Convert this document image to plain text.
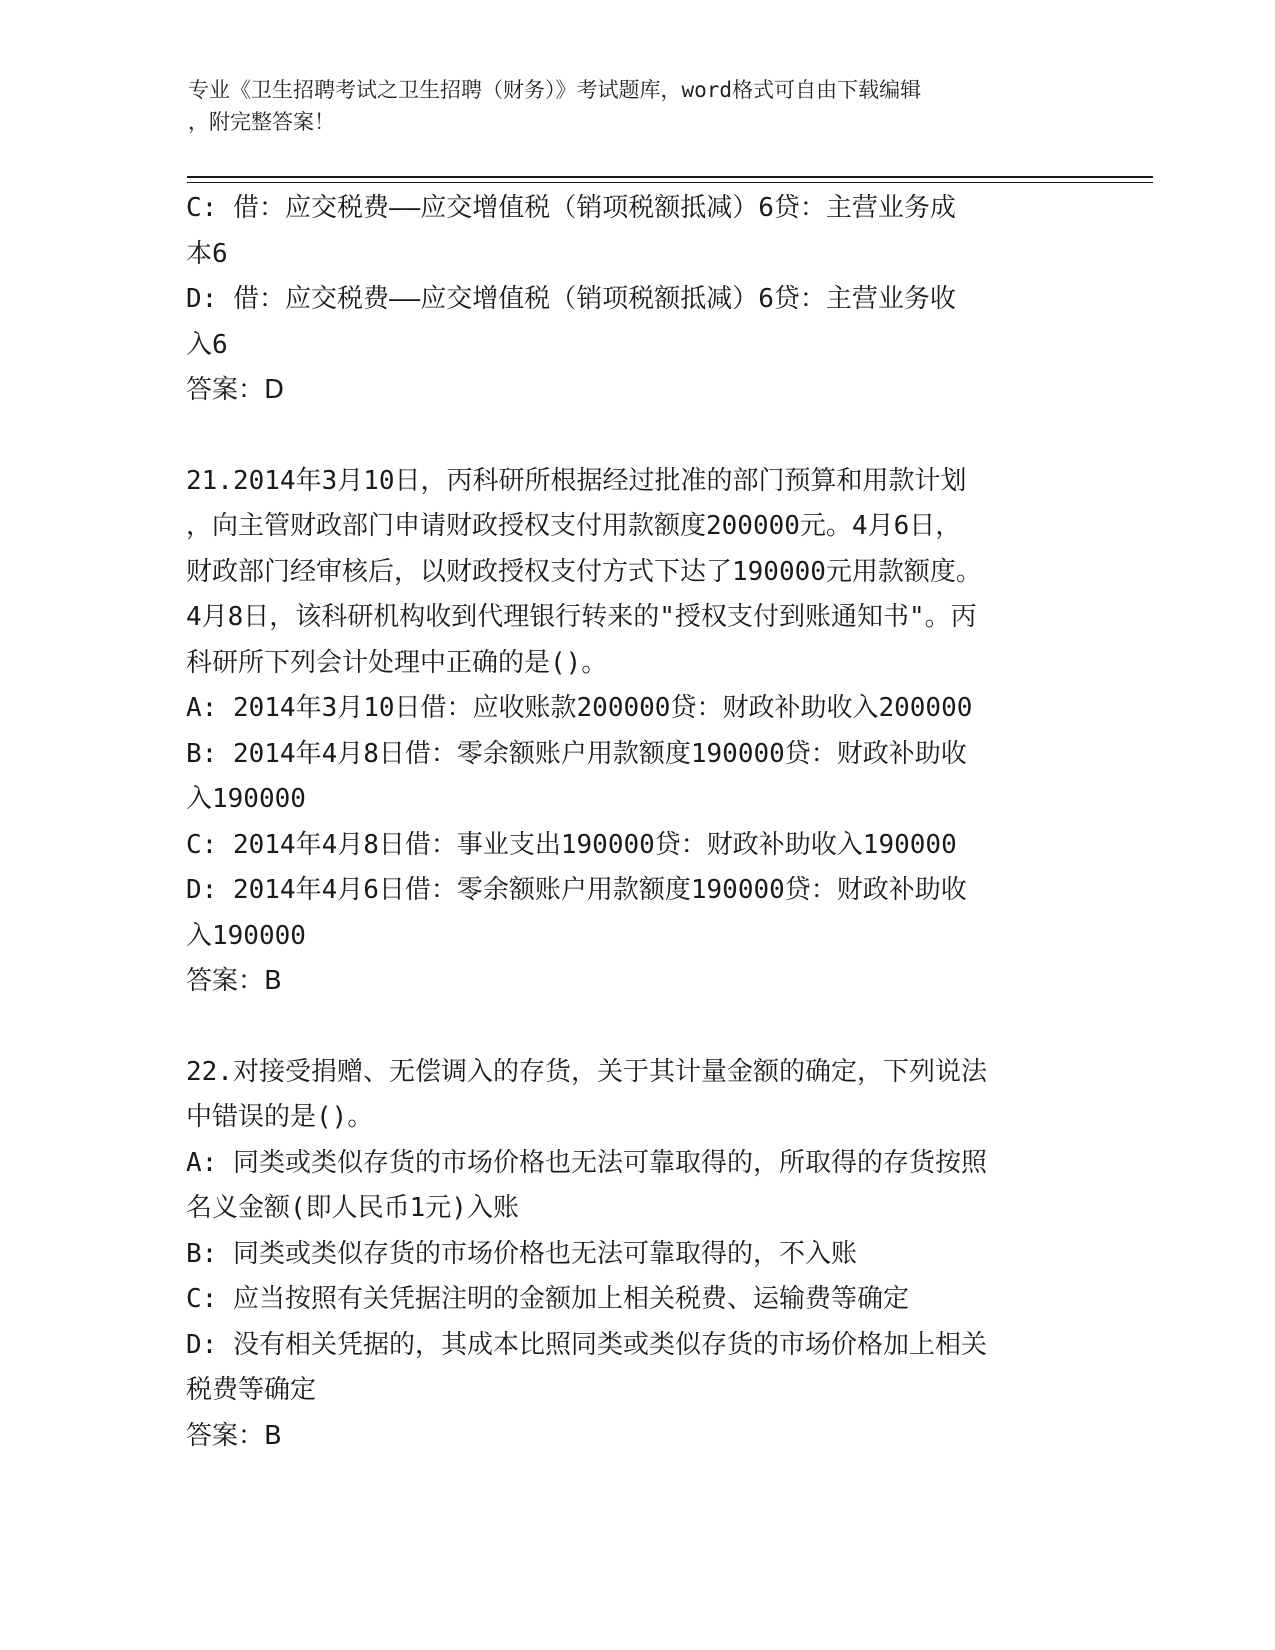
专业《卫生招聘考试之卫生招聘（财务）》考试题库，word格式可自由下载编辑
，附完整答案！

C: 借：应交税费——应交增值税（销项税额抵减）6贷：主营业务成

本6

D: 借：应交税费——应交增值税（销项税额抵减）6贷：主营业务收

入6

答案：D

21.2014年3月10日，丙科研所根据经过批准的部门预算和用款计划

，向主管财政部门申请财政授权支付用款额度200000元。4月6日，

财政部门经审核后，以财政授权支付方式下达了190000元用款额度。

4月8日，该科研机构收到代理银行转来的"授权支付到账通知书"。丙

科研所下列会计处理中正确的是()。

A: 2014年3月10日借：应收账款200000贷：财政补助收入200000

B: 2014年4月8日借：零余额账户用款额度190000贷：财政补助收

入190000

C: 2014年4月8日借：事业支出190000贷：财政补助收入190000

D: 2014年4月6日借：零余额账户用款额度190000贷：财政补助收

入190000

答案：B

22.对接受捐赠、无偿调入的存货，关于其计量金额的确定，下列说法

中错误的是()。

A: 同类或类似存货的市场价格也无法可靠取得的，所取得的存货按照

名义金额(即人民币1元)入账

B: 同类或类似存货的市场价格也无法可靠取得的，不入账

C: 应当按照有关凭据注明的金额加上相关税费、运输费等确定

D: 没有相关凭据的，其成本比照同类或类似存货的市场价格加上相关

税费等确定

答案：B
